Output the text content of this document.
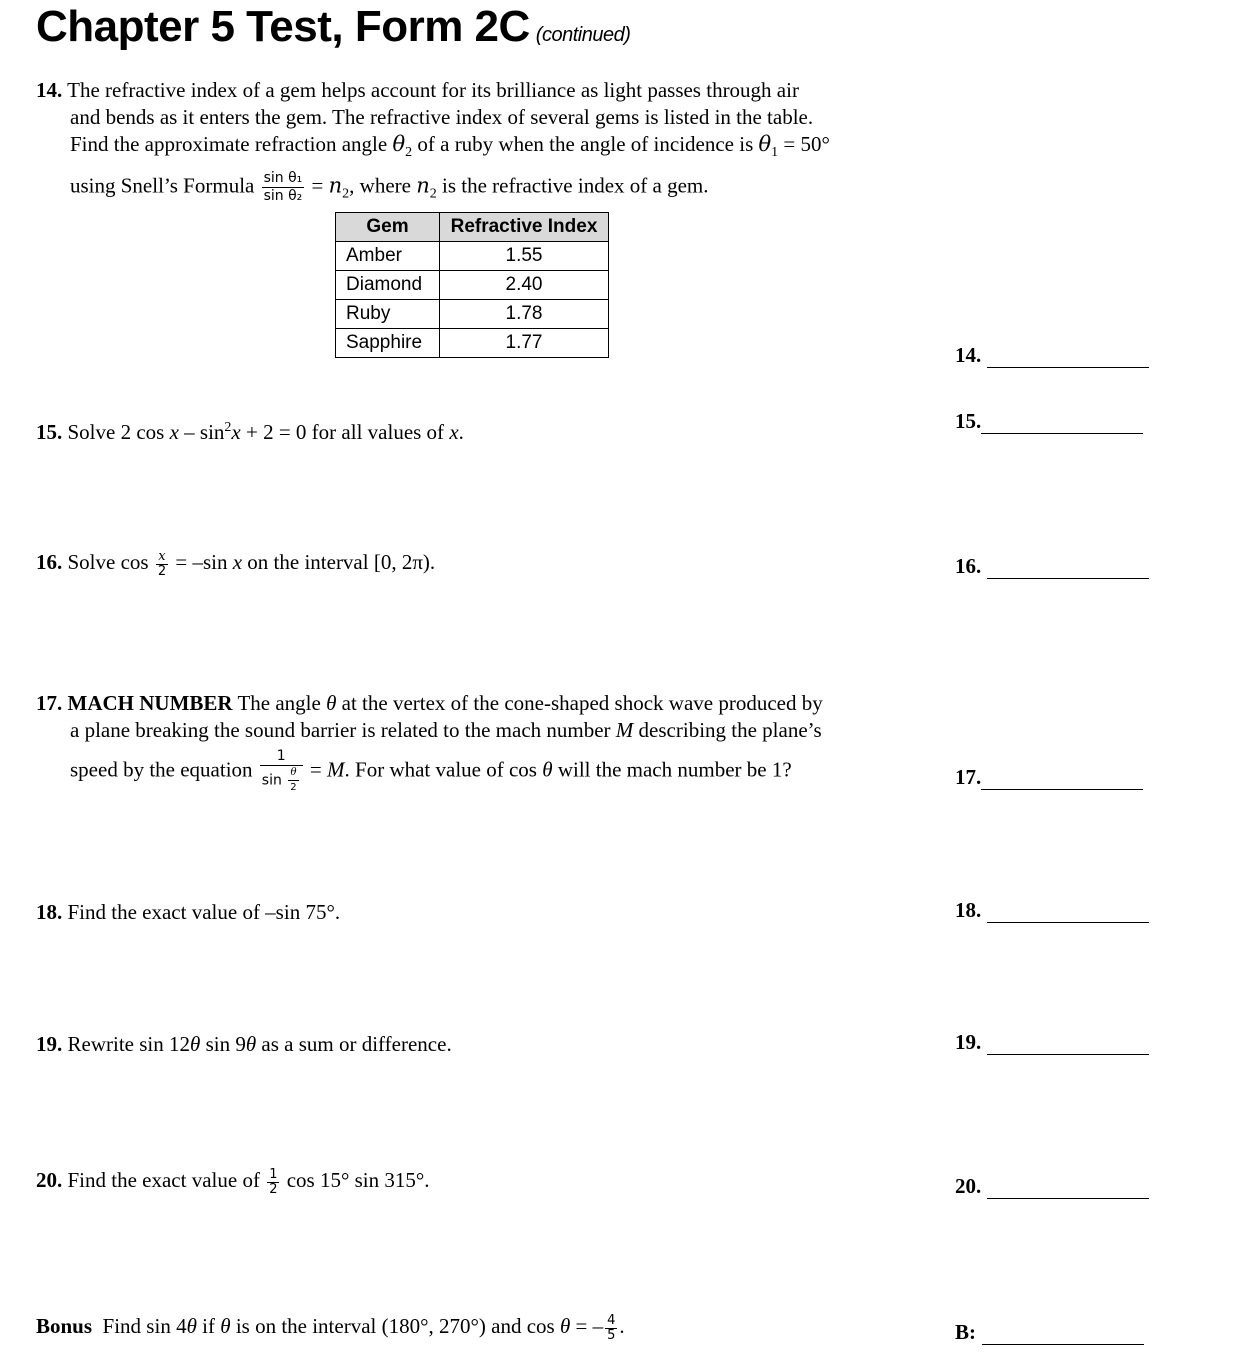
Chapter 5 Test, Form 2C (continued)
14. The refractive index of a gem helps account for its brilliance as light passes through air
and bends as it enters the gem. The refractive index of several gems is listed in the table.
Find the approximate refraction angle $\theta_2$ of a ruby when the angle of incidence is $\theta_1 = 50^\circ$
using Snell’s Formula $\frac{\text{sin θ₁}}{\text{sin θ₂}} = n_2$, where $n_2$ is the refractive index of a gem.
Gem	Refractive Index
Amber	1.55
Diamond	2.40
Ruby	1.78
Sapphire	1.77
15. Solve 2 $\cos x - \sin^2x + 2 = 0$ for all values of x.
16. Solve $\cos \frac{x}{2} = -\sin$ x on the interval [0, 2π).
17. MACH NUMBER The angle θ at the vertex of the cone-shaped shock wave produced by
a plane breaking the sound barrier is related to the mach number M describing the plane’s
speed by the equation $\frac{1}{\sin \frac{\theta}{2}} = M$. For what value of cos θ will the mach number be 1?
18. Find the exact value of –sin 75°.
19. Rewrite sin 12θ sin 9θ as a sum or difference.
20. Find the exact value of $\frac{1}{2}$ cos 15° sin 315°.
Bonus  Find sin 4θ if θ is on the interval (180°, 270°) and cos θ = – $\frac{4}{5}$ .
14.
15.
16.
17.
18.
19.
20.
B:
